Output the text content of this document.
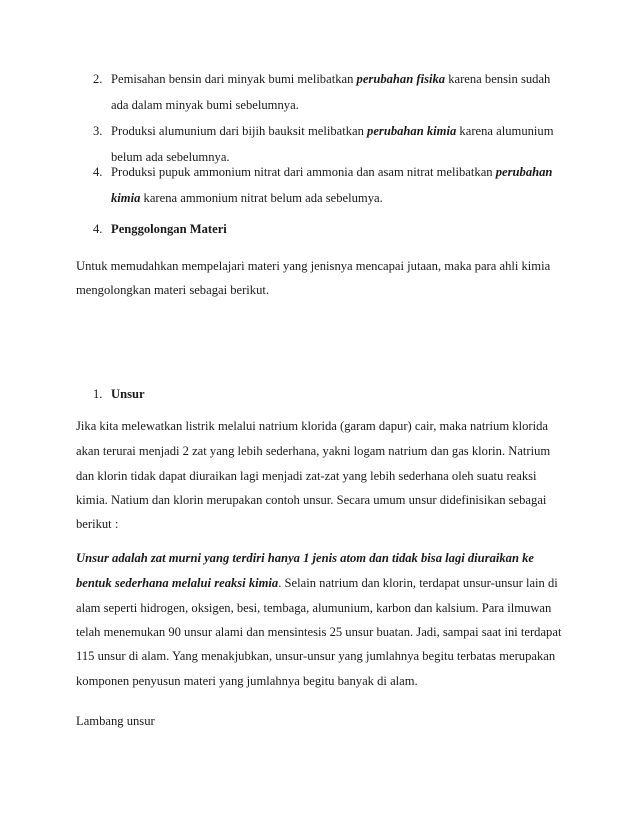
2. Pemisahan bensin dari minyak bumi melibatkan perubahan fisika karena bensin sudah
ada dalam minyak bumi sebelumnya.
3. Produksi alumunium dari bijih bauksit melibatkan perubahan kimia karena alumunium
belum ada sebelumnya.
4. Produksi pupuk ammonium nitrat dari ammonia dan asam nitrat melibatkan perubahan
kimia karena ammonium nitrat belum ada sebelumya.
4. Penggolongan Materi
Untuk memudahkan mempelajari materi yang jenisnya mencapai jutaan, maka para ahli kimia
mengolongkan materi sebagai berikut.
1. Unsur
Jika kita melewatkan listrik melalui natrium klorida (garam dapur) cair, maka natrium klorida
akan terurai menjadi 2 zat yang lebih sederhana, yakni logam natrium dan gas klorin. Natrium
dan klorin tidak dapat diuraikan lagi menjadi zat-zat yang lebih sederhana oleh suatu reaksi
kimia. Natium dan klorin merupakan contoh unsur. Secara umum unsur didefinisikan sebagai
berikut :
Unsur adalah zat murni yang terdiri hanya 1 jenis atom dan tidak bisa lagi diuraikan ke
bentuk sederhana melalui reaksi kimia. Selain natrium dan klorin, terdapat unsur-unsur lain di
alam seperti hidrogen, oksigen, besi, tembaga, alumunium, karbon dan kalsium. Para ilmuwan
telah menemukan 90 unsur alami dan mensintesis 25 unsur buatan. Jadi, sampai saat ini terdapat
115 unsur di alam. Yang menakjubkan, unsur-unsur yang jumlahnya begitu terbatas merupakan
komponen penyusun materi yang jumlahnya begitu banyak di alam.
Lambang unsur
